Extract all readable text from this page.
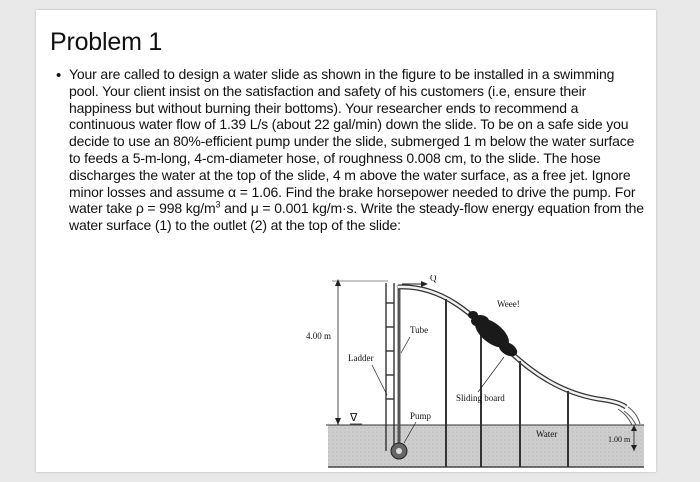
Problem 1
• Your are called to design a water slide as shown in the figure to be installed in a swimming pool. Your client insist on the satisfaction and safety of his customers (i.e, ensure their happiness but without burning their bottoms). Your researcher ends to recommend a continuous water flow of 1.39 L/s (about 22 gal/min) down the slide. To be on a safe side you decide to use an 80%-efficient pump under the slide, submerged 1 m below the water surface to feeds a 5-m-long, 4-cm-diameter hose, of roughness 0.008 cm, to the slide. The hose discharges the water at the top of the slide, 4 m above the water surface, as a free jet. Ignore minor losses and assume α = 1.06. Find the brake horsepower needed to drive the pump. For water take ρ = 998 $kg/m^3$ and μ = 0.001 kg/m·s. Write the steady-flow energy equation from the water surface (1) to the outlet (2) at the top of the slide:
4.00 m
∇
Ladder
Tube
Pump
Q
Weee!
Sliding board
Water
1.00 m
